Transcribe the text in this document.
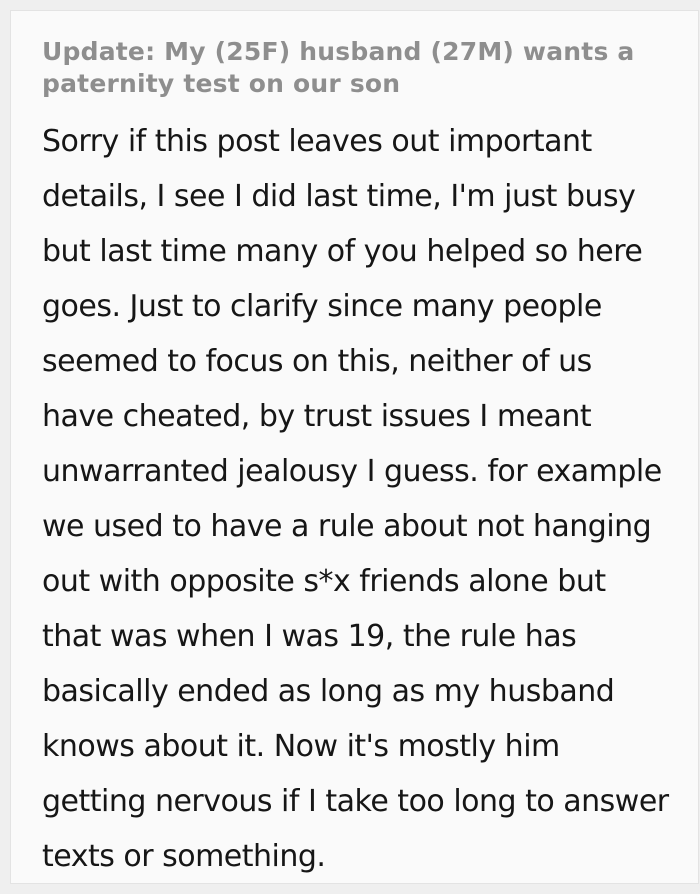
Update: My (25F) husband (27M) wants a paternity test on our son

Sorry if this post leaves out important details, I see I did last time, I'm just busy but last time many of you helped so here goes. Just to clarify since many people seemed to focus on this, neither of us have cheated, by trust issues I meant unwarranted jealousy I guess. for example we used to have a rule about not hanging out with opposite s*x friends alone but that was when I was 19, the rule has basically ended as long as my husband knows about it. Now it's mostly him getting nervous if I take too long to answer texts or something.
